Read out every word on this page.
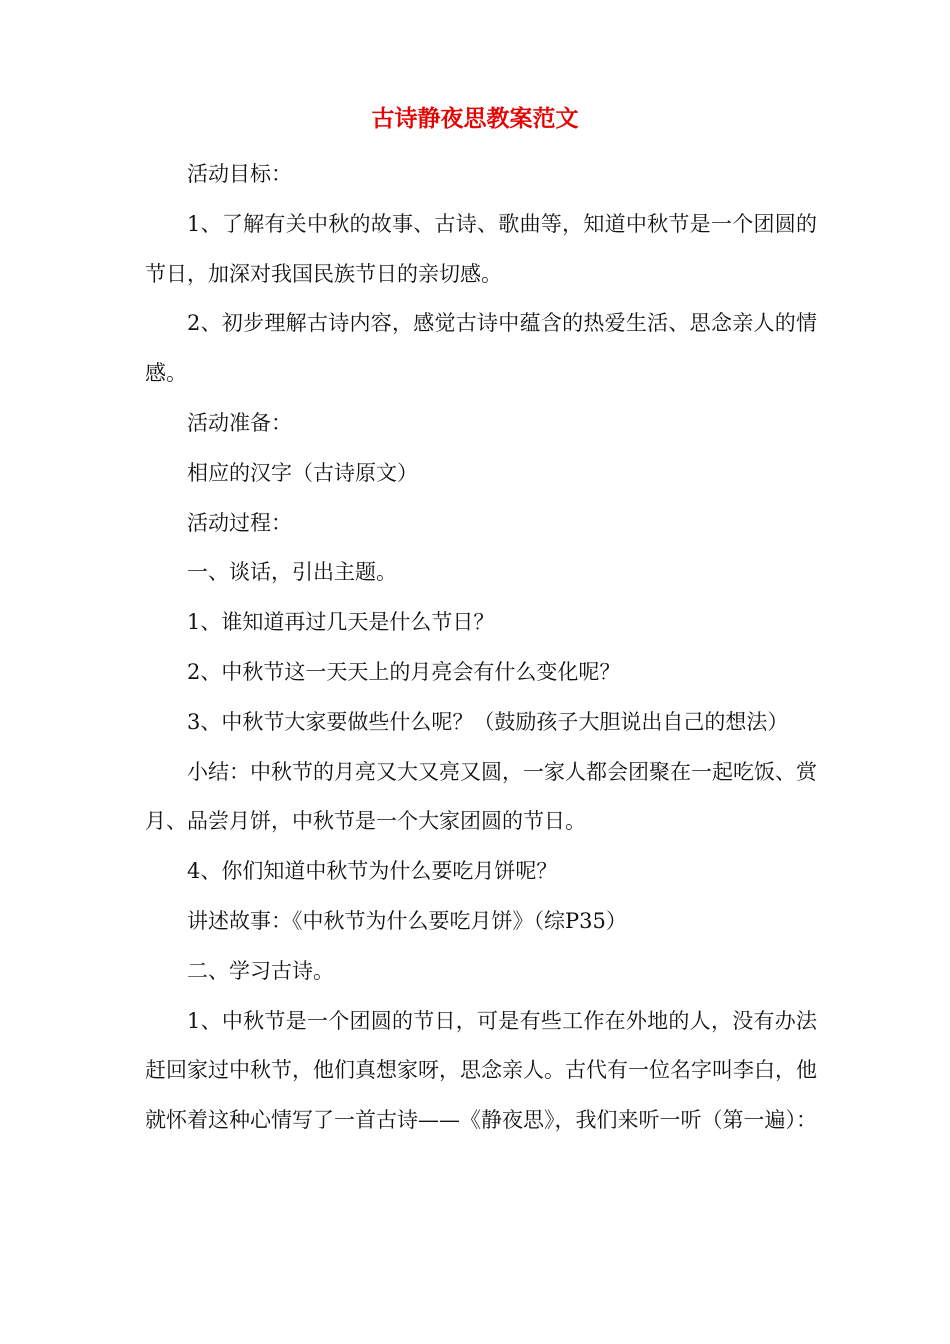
古诗静夜思教案范文

活动目标：

1、了解有关中秋的故事、古诗、歌曲等，知道中秋节是一个团圆的节日，加深对我国民族节日的亲切感。

2、初步理解古诗内容，感觉古诗中蕴含的热爱生活、思念亲人的情感。

活动准备：

相应的汉字（古诗原文）

活动过程：

一、谈话，引出主题。

1、谁知道再过几天是什么节日？

2、中秋节这一天天上的月亮会有什么变化呢？

3、中秋节大家要做些什么呢？（鼓励孩子大胆说出自己的想法）

小结：中秋节的月亮又大又亮又圆，一家人都会团聚在一起吃饭、赏月、品尝月饼，中秋节是一个大家团圆的节日。

4、你们知道中秋节为什么要吃月饼呢？

讲述故事：《中秋节为什么要吃月饼》（综P35）

二、学习古诗。

1、中秋节是一个团圆的节日，可是有些工作在外地的人，没有办法赶回家过中秋节，他们真想家呀，思念亲人。古代有一位名字叫李白，他就怀着这种心情写了一首古诗——《静夜思》，我们来听一听（第一遍）：
